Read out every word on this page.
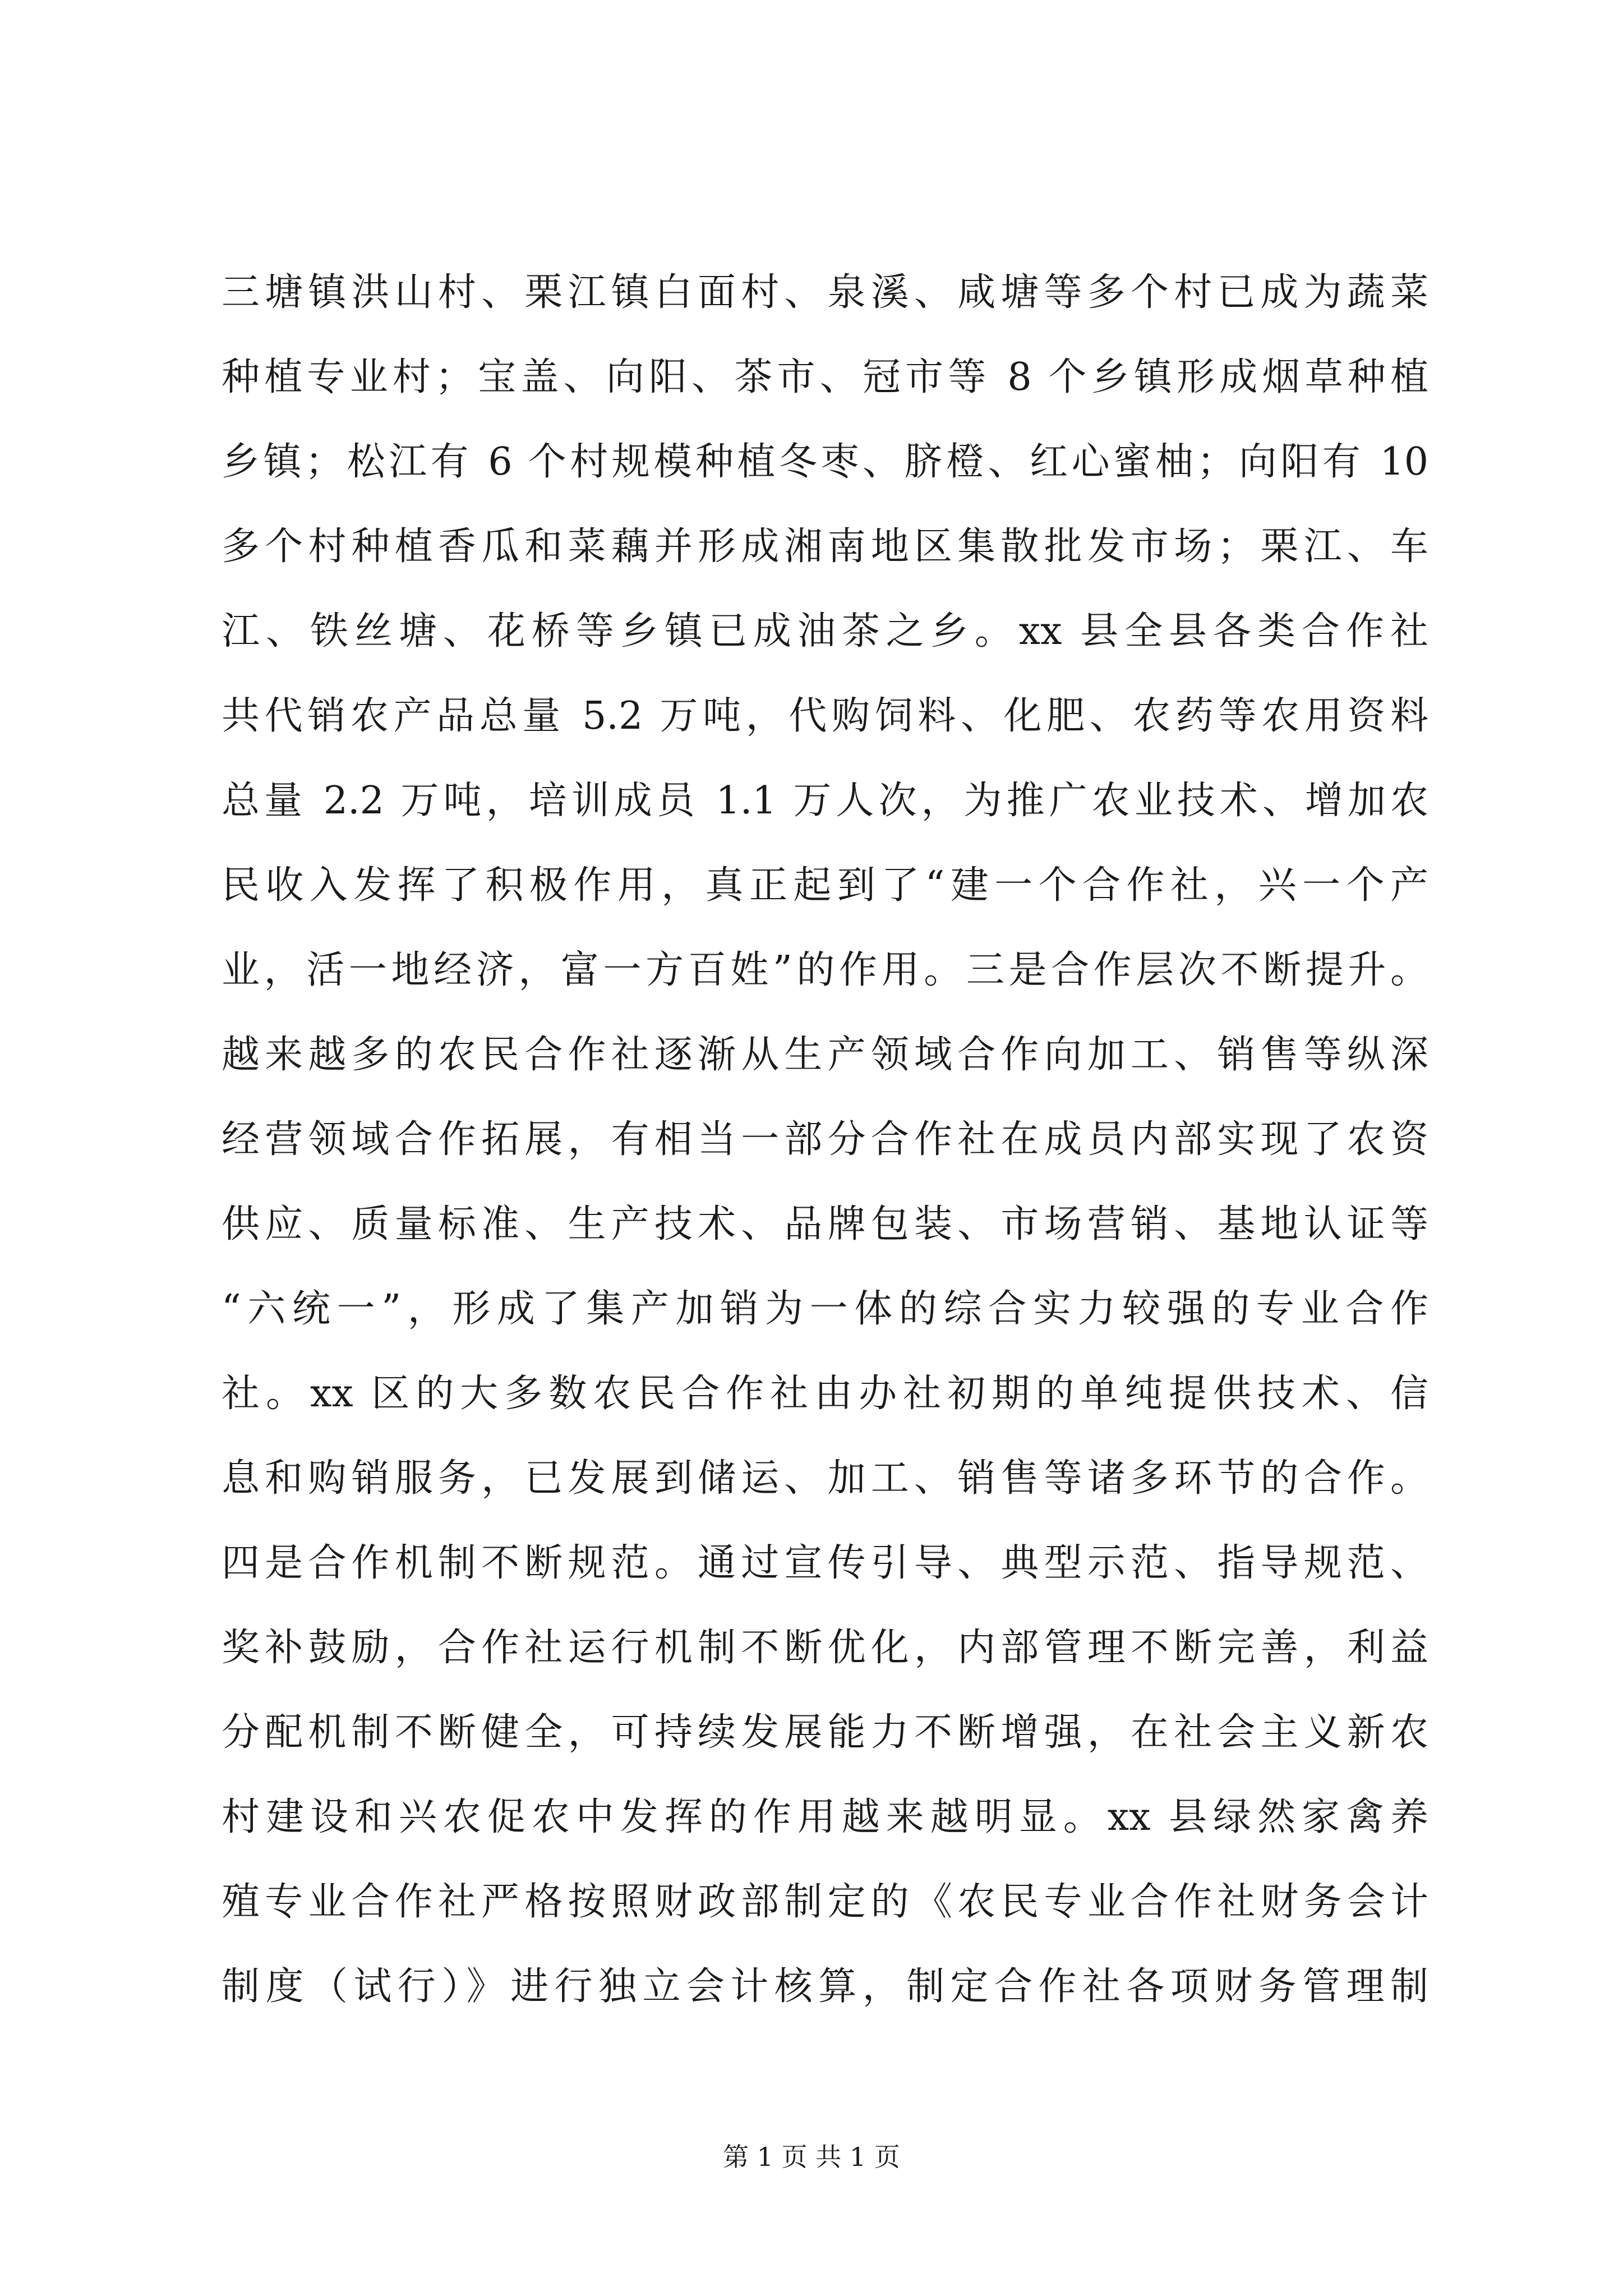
三塘镇洪山村、栗江镇白面村、泉溪、咸塘等多个村已成为蔬菜
种植专业村；宝盖、向阳、茶市、冠市等 8 个乡镇形成烟草种植
乡镇；松江有 6 个村规模种植冬枣、脐橙、红心蜜柚；向阳有 10
多个村种植香瓜和菜藕并形成湘南地区集散批发市场；栗江、车
江、铁丝塘、花桥等乡镇已成油茶之乡。xx 县全县各类合作社
共代销农产品总量 5.2 万吨，代购饲料、化肥、农药等农用资料
总量 2.2 万吨，培训成员 1.1 万人次，为推广农业技术、增加农
民收入发挥了积极作用，真正起到了“建一个合作社，兴一个产
业，活一地经济，富一方百姓”的作用。三是合作层次不断提升。
越来越多的农民合作社逐渐从生产领域合作向加工、销售等纵深
经营领域合作拓展，有相当一部分合作社在成员内部实现了农资
供应、质量标准、生产技术、品牌包装、市场营销、基地认证等
“六统一”，形成了集产加销为一体的综合实力较强的专业合作
社。xx 区的大多数农民合作社由办社初期的单纯提供技术、信
息和购销服务，已发展到储运、加工、销售等诸多环节的合作。
四是合作机制不断规范。通过宣传引导、典型示范、指导规范、
奖补鼓励，合作社运行机制不断优化，内部管理不断完善，利益
分配机制不断健全，可持续发展能力不断增强，在社会主义新农
村建设和兴农促农中发挥的作用越来越明显。xx 县绿然家禽养
殖专业合作社严格按照财政部制定的《农民专业合作社财务会计
制度（试行）》进行独立会计核算，制定合作社各项财务管理制
第 1 页 共 1 页
